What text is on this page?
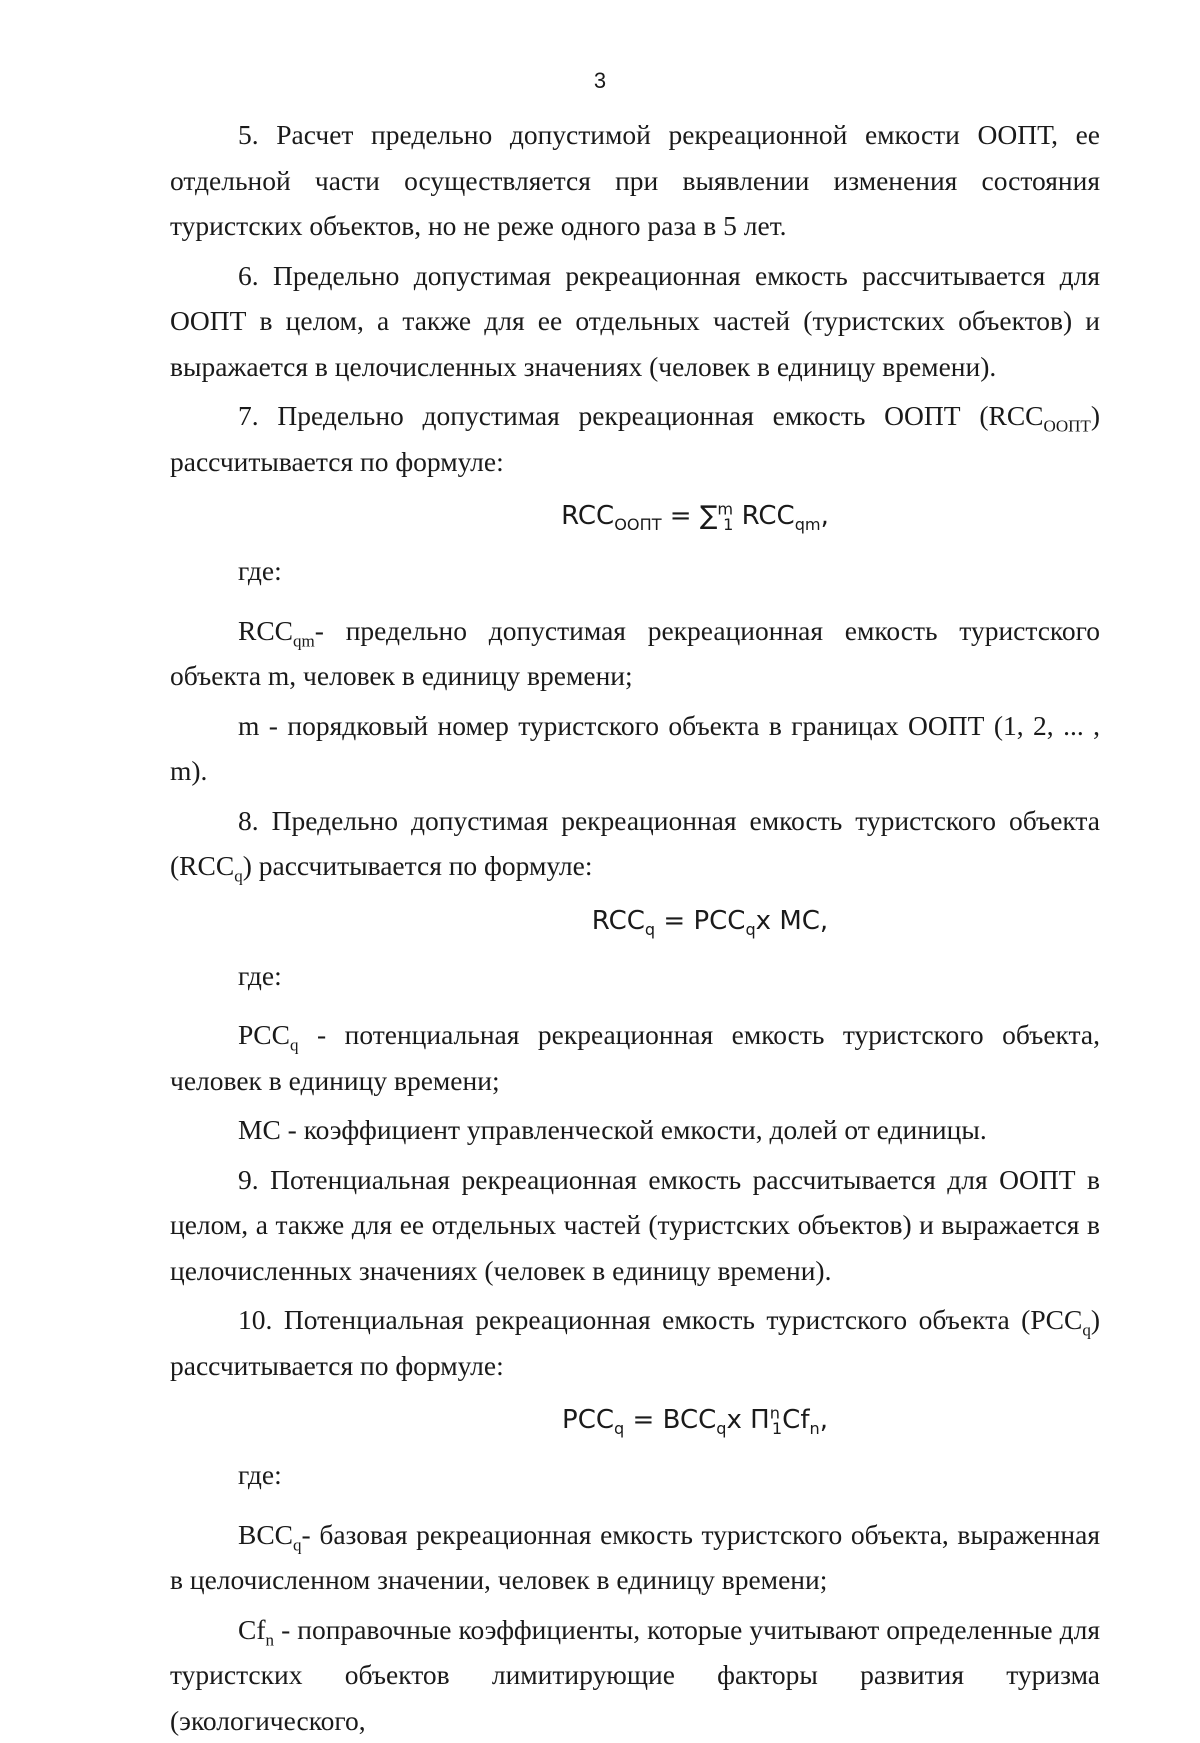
3

5. Расчет предельно допустимой рекреационной емкости ООПТ, ее отдельной части осуществляется при выявлении изменения состояния туристских объектов, но не реже одного раза в 5 лет.

6. Предельно допустимая рекреационная емкость рассчитывается для ООПТ в целом, а также для ее отдельных частей (туристских объектов) и выражается в целочисленных значениях (человек в единицу времени).

7. Предельно допустимая рекреационная емкость ООПТ $(RCC_{ООПТ})$

рассчитывается по формуле:

$RCC_{ООПТ} = \sum^m_1$ $RCC_{qm}$,

где:

$RCC_{qm}-$ предельно допустимая рекреационная емкость туристского объекта m, человек в единицу времени;

m - порядковый номер туристского объекта в границах ООПТ (1, 2, ... , m).

8. Предельно допустимая рекреационная емкость туристского объекта $(RCC_q)$ рассчитывается по формуле:

$RCC_q = PCC_qx$ MC,

где:

$PCC_q$ - потенциальная рекреационная емкость туристского объекта, человек в единицу времени;

МС - коэффициент управленческой емкости, долей от единицы.

9. Потенциальная рекреационная емкость рассчитывается для ООПТ в целом, а также для ее отдельных частей (туристских объектов) и выражается в целочисленных значениях (человек в единицу времени).

10. Потенциальная рекреационная емкость туристского объекта $(PCC_q)$

рассчитывается по формуле:

$PCC_q = BCC_qx$ $\Pi^n_1Cf_n$,

где:

$BCC_q-$ базовая рекреационная емкость туристского объекта, выраженная в целочисленном значении, человек в единицу времени;

$Cf_n$ - поправочные коэффициенты, которые учитывают определенные для туристских объектов лимитирующие факторы развития туризма (экологического,
